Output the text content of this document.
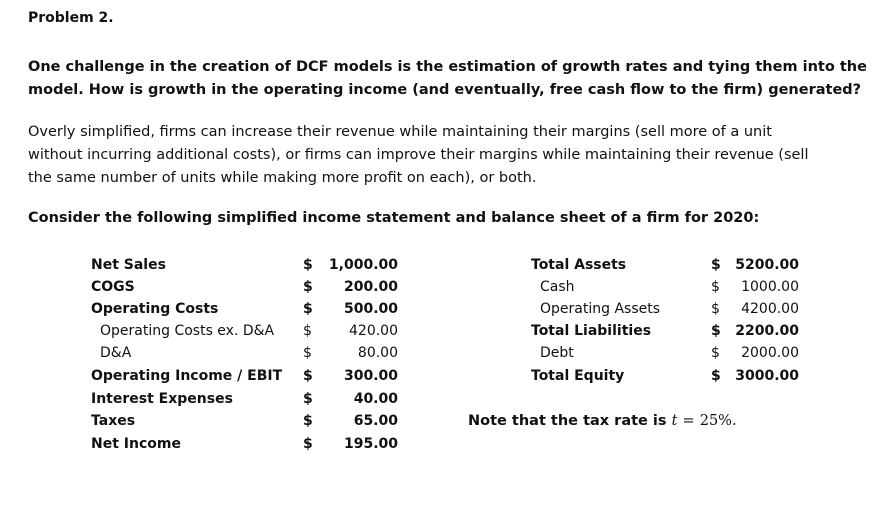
Problem 2.
One challenge in the creation of DCF models is the estimation of growth rates and tying them into the
model. How is growth in the operating income (and eventually, free cash flow to the firm) generated?
Overly simplified, firms can increase their revenue while maintaining their margins (sell more of a unit
without incurring additional costs), or firms can improve their margins while maintaining their revenue (sell
the same number of units while making more profit on each), or both.
Consider the following simplified income statement and balance sheet of a firm for 2020:
Net Sales	$ 1,000.00
COGS	$ 200.00
Operating Costs	$ 500.00
Operating Costs ex. D&A $	420.00
D&A	$	80.00
Operating Income / EBIT $ 300.00
Interest Expenses	$	40.00
Taxes	$	65.00
Net Income	$ 195.00
Total Assets	$ 5200.00
Cash	$ 1000.00
Operating Assets	$ 4200.00
Total Liabilities	$ 2200.00
Debt	$ 2000.00
Total Equity	$ 3000.00
Note that the tax rate is t = 25%.
